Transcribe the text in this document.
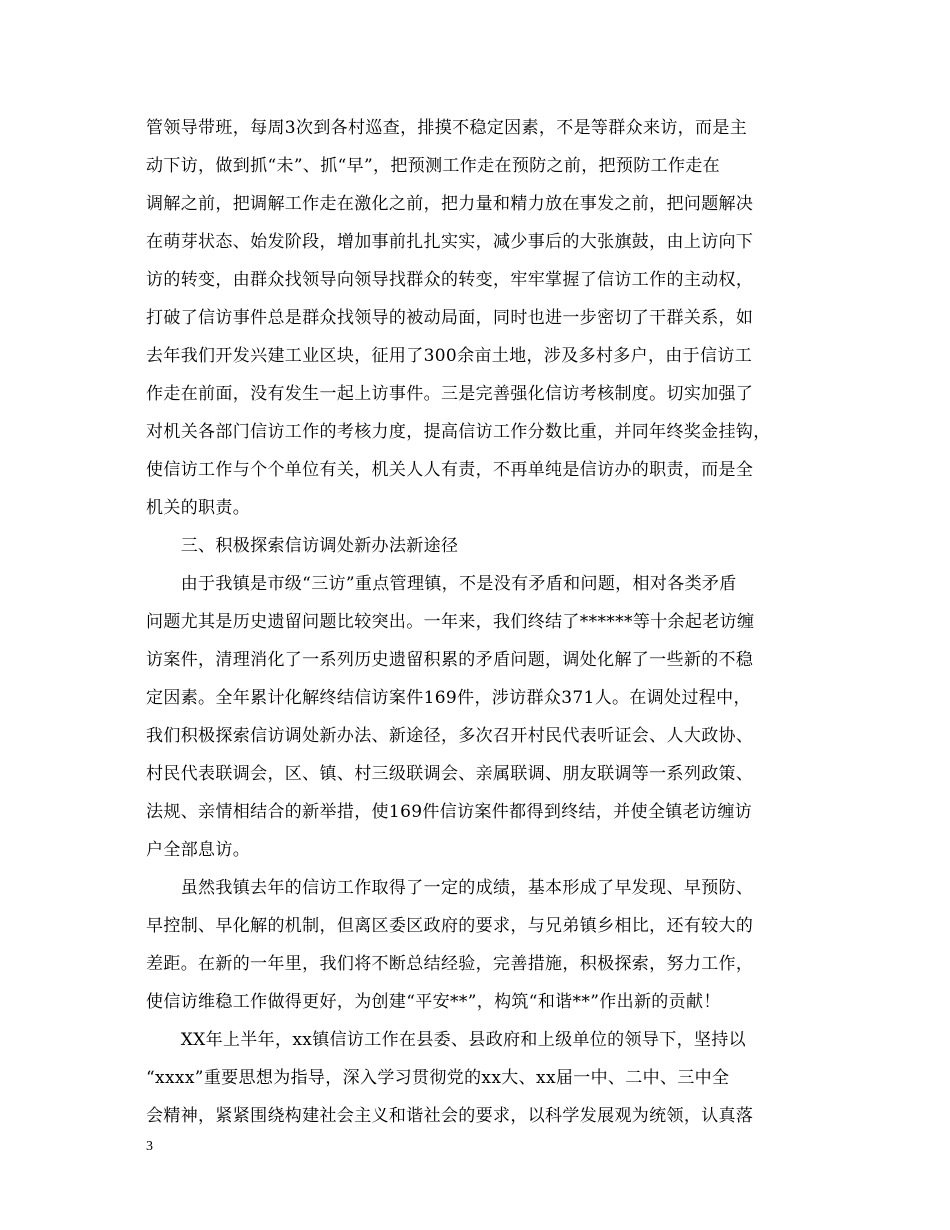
管领导带班，每周3次到各村巡查，排摸不稳定因素，不是等群众来访，而是主
动下访，做到抓“未”、抓“早”，把预测工作走在预防之前，把预防工作走在
调解之前，把调解工作走在激化之前，把力量和精力放在事发之前，把问题解决
在萌芽状态、始发阶段，增加事前扎扎实实，减少事后的大张旗鼓，由上访向下
访的转变，由群众找领导向领导找群众的转变，牢牢掌握了信访工作的主动权，
打破了信访事件总是群众找领导的被动局面，同时也进一步密切了干群关系，如
去年我们开发兴建工业区块，征用了300余亩土地，涉及多村多户，由于信访工
作走在前面，没有发生一起上访事件。三是完善强化信访考核制度。切实加强了
对机关各部门信访工作的考核力度，提高信访工作分数比重，并同年终奖金挂钩，
使信访工作与个个单位有关，机关人人有责，不再单纯是信访办的职责，而是全
机关的职责。
　　三、积极探索信访调处新办法新途径
　　由于我镇是市级“三访”重点管理镇，不是没有矛盾和问题，相对各类矛盾
问题尤其是历史遗留问题比较突出。一年来，我们终结了******等十余起老访缠
访案件，清理消化了一系列历史遗留积累的矛盾问题，调处化解了一些新的不稳
定因素。全年累计化解终结信访案件169件，涉访群众371人。在调处过程中，
我们积极探索信访调处新办法、新途径，多次召开村民代表听证会、人大政协、
村民代表联调会，区、镇、村三级联调会、亲属联调、朋友联调等一系列政策、
法规、亲情相结合的新举措，使169件信访案件都得到终结，并使全镇老访缠访
户全部息访。
　　虽然我镇去年的信访工作取得了一定的成绩，基本形成了早发现、早预防、
早控制、早化解的机制，但离区委区政府的要求，与兄弟镇乡相比，还有较大的
差距。在新的一年里，我们将不断总结经验，完善措施，积极探索，努力工作，
使信访维稳工作做得更好，为创建“平安**”，构筑“和谐**”作出新的贡献！
　　XX年上半年，xx镇信访工作在县委、县政府和上级单位的领导下，坚持以
“xxxx”重要思想为指导，深入学习贯彻党的xx大、xx届一中、二中、三中全
会精神，紧紧围绕构建社会主义和谐社会的要求，以科学发展观为统领，认真落
3
